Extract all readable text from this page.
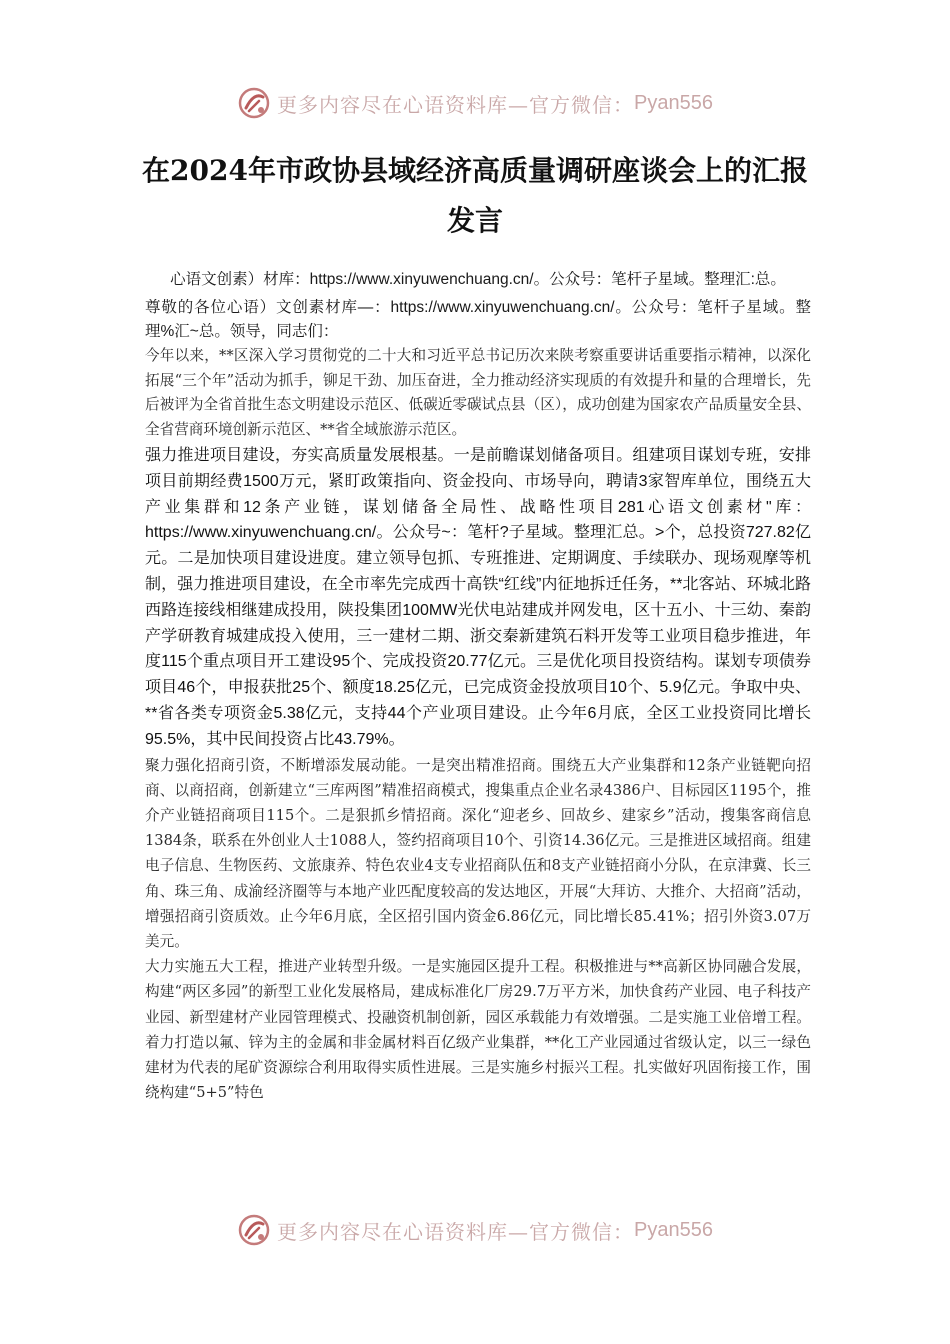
更多内容尽在心语资料库—官方微信： Pyan556
在2024年市政协县域经济高质量调研座谈会上的汇报发言

心语文创素）材库：https://www.xinyuwenchuang.cn/。公众号：笔杆子星域。整理汇:总。

尊敬的各位心语）文创素材库—：https://www.xinyuwenchuang.cn/。公众号：笔杆子星域。整理%汇~总。领导，同志们：

今年以来，**区深入学习贯彻党的二十大和习近平总书记历次来陕考察重要讲话重要指示精神，以深化拓展“三个年”活动为抓手，铆足干劲、加压奋进，全力推动经济实现质的有效提升和量的合理增长，先后被评为全省首批生态文明建设示范区、低碳近零碳试点县（区），成功创建为国家农产品质量安全县、全省营商环境创新示范区、**省全域旅游示范区。

强力推进项目建设，夯实高质量发展根基。一是前瞻谋划储备项目。组建项目谋划专班，安排项目前期经费1500万元，紧盯政策指向、资金投向、市场导向，聘请3家智库单位，围绕五大产业集群和12条产业链，谋划储备全局性、战略性项目281心语文创素材"库：https://www.xinyuwenchuang.cn/。公众号~：笔杆?子星域。整理汇总。>个，总投资727.82亿元。二是加快项目建设进度。建立领导包抓、专班推进、定期调度、手续联办、现场观摩等机制，强力推进项目建设，在全市率先完成西十高铁“红线”内征地拆迁任务，**北客站、环城北路西路连接线相继建成投用，陕投集团100MW光伏电站建成并网发电，区十五小、十三幼、秦韵产学研教育城建成投入使用，三一建材二期、浙交秦新建筑石料开发等工业项目稳步推进，年度115个重点项目开工建设95个、完成投资20.77亿元。三是优化项目投资结构。谋划专项债券项目46个，申报获批25个、额度18.25亿元，已完成资金投放项目10个、5.9亿元。争取中央、**省各类专项资金5.38亿元，支持44个产业项目建设。止今年6月底，全区工业投资同比增长95.5%，其中民间投资占比43.79%。

聚力强化招商引资，不断增添发展动能。一是突出精准招商。围绕五大产业集群和12条产业链靶向招商、以商招商，创新建立“三库两图”精准招商模式，搜集重点企业名录4386户、目标园区1195个，推介产业链招商项目115个。二是狠抓乡情招商。深化“迎老乡、回故乡、建家乡”活动，搜集客商信息1384条，联系在外创业人士1088人，签约招商项目10个、引资14.36亿元。三是推进区域招商。组建电子信息、生物医药、文旅康养、特色农业4支专业招商队伍和8支产业链招商小分队，在京津冀、长三角、珠三角、成渝经济圈等与本地产业匹配度较高的发达地区，开展“大拜访、大推介、大招商”活动，增强招商引资质效。止今年6月底，全区招引国内资金6.86亿元，同比增长85.41%；招引外资3.07万美元。

大力实施五大工程，推进产业转型升级。一是实施园区提升工程。积极推进与**高新区协同融合发展，构建“两区多园”的新型工业化发展格局，建成标准化厂房29.7万平方米，加快食药产业园、电子科技产业园、新型建材产业园管理模式、投融资机制创新，园区承载能力有效增强。二是实施工业倍增工程。着力打造以氟、锌为主的金属和非金属材料百亿级产业集群，**化工产业园通过省级认定，以三一绿色建材为代表的尾矿资源综合利用取得实质性进展。三是实施乡村振兴工程。扎实做好巩固衔接工作，围绕构建“5+5”特色

更多内容尽在心语资料库—官方微信： Pyan556
